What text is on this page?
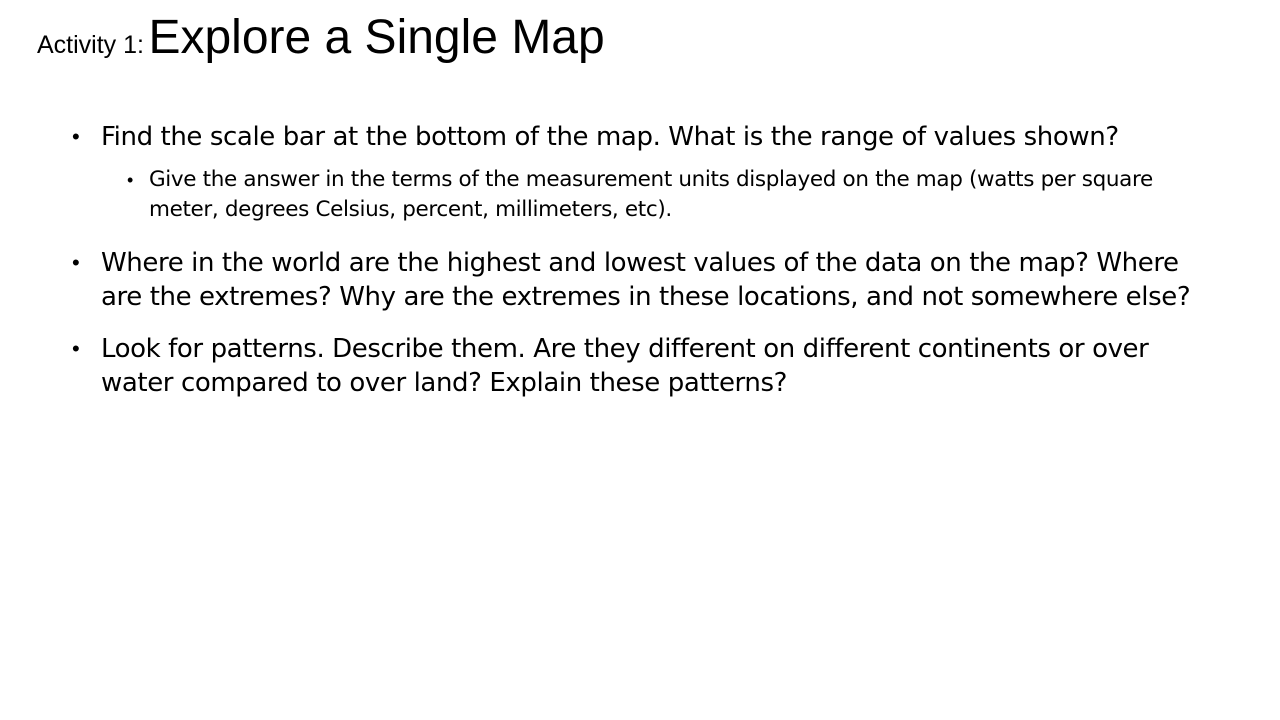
Activity 1: Explore a Single Map
• Find the scale bar at the bottom of the map. What is the range of values shown?
• Give the answer in the terms of the measurement units displayed on the map (watts per square meter, degrees Celsius, percent, millimeters, etc).
• Where in the world are the highest and lowest values of the data on the map? Where are the extremes? Why are the extremes in these locations, and not somewhere else?
• Look for patterns. Describe them. Are they different on different continents or over water compared to over land? Explain these patterns?
